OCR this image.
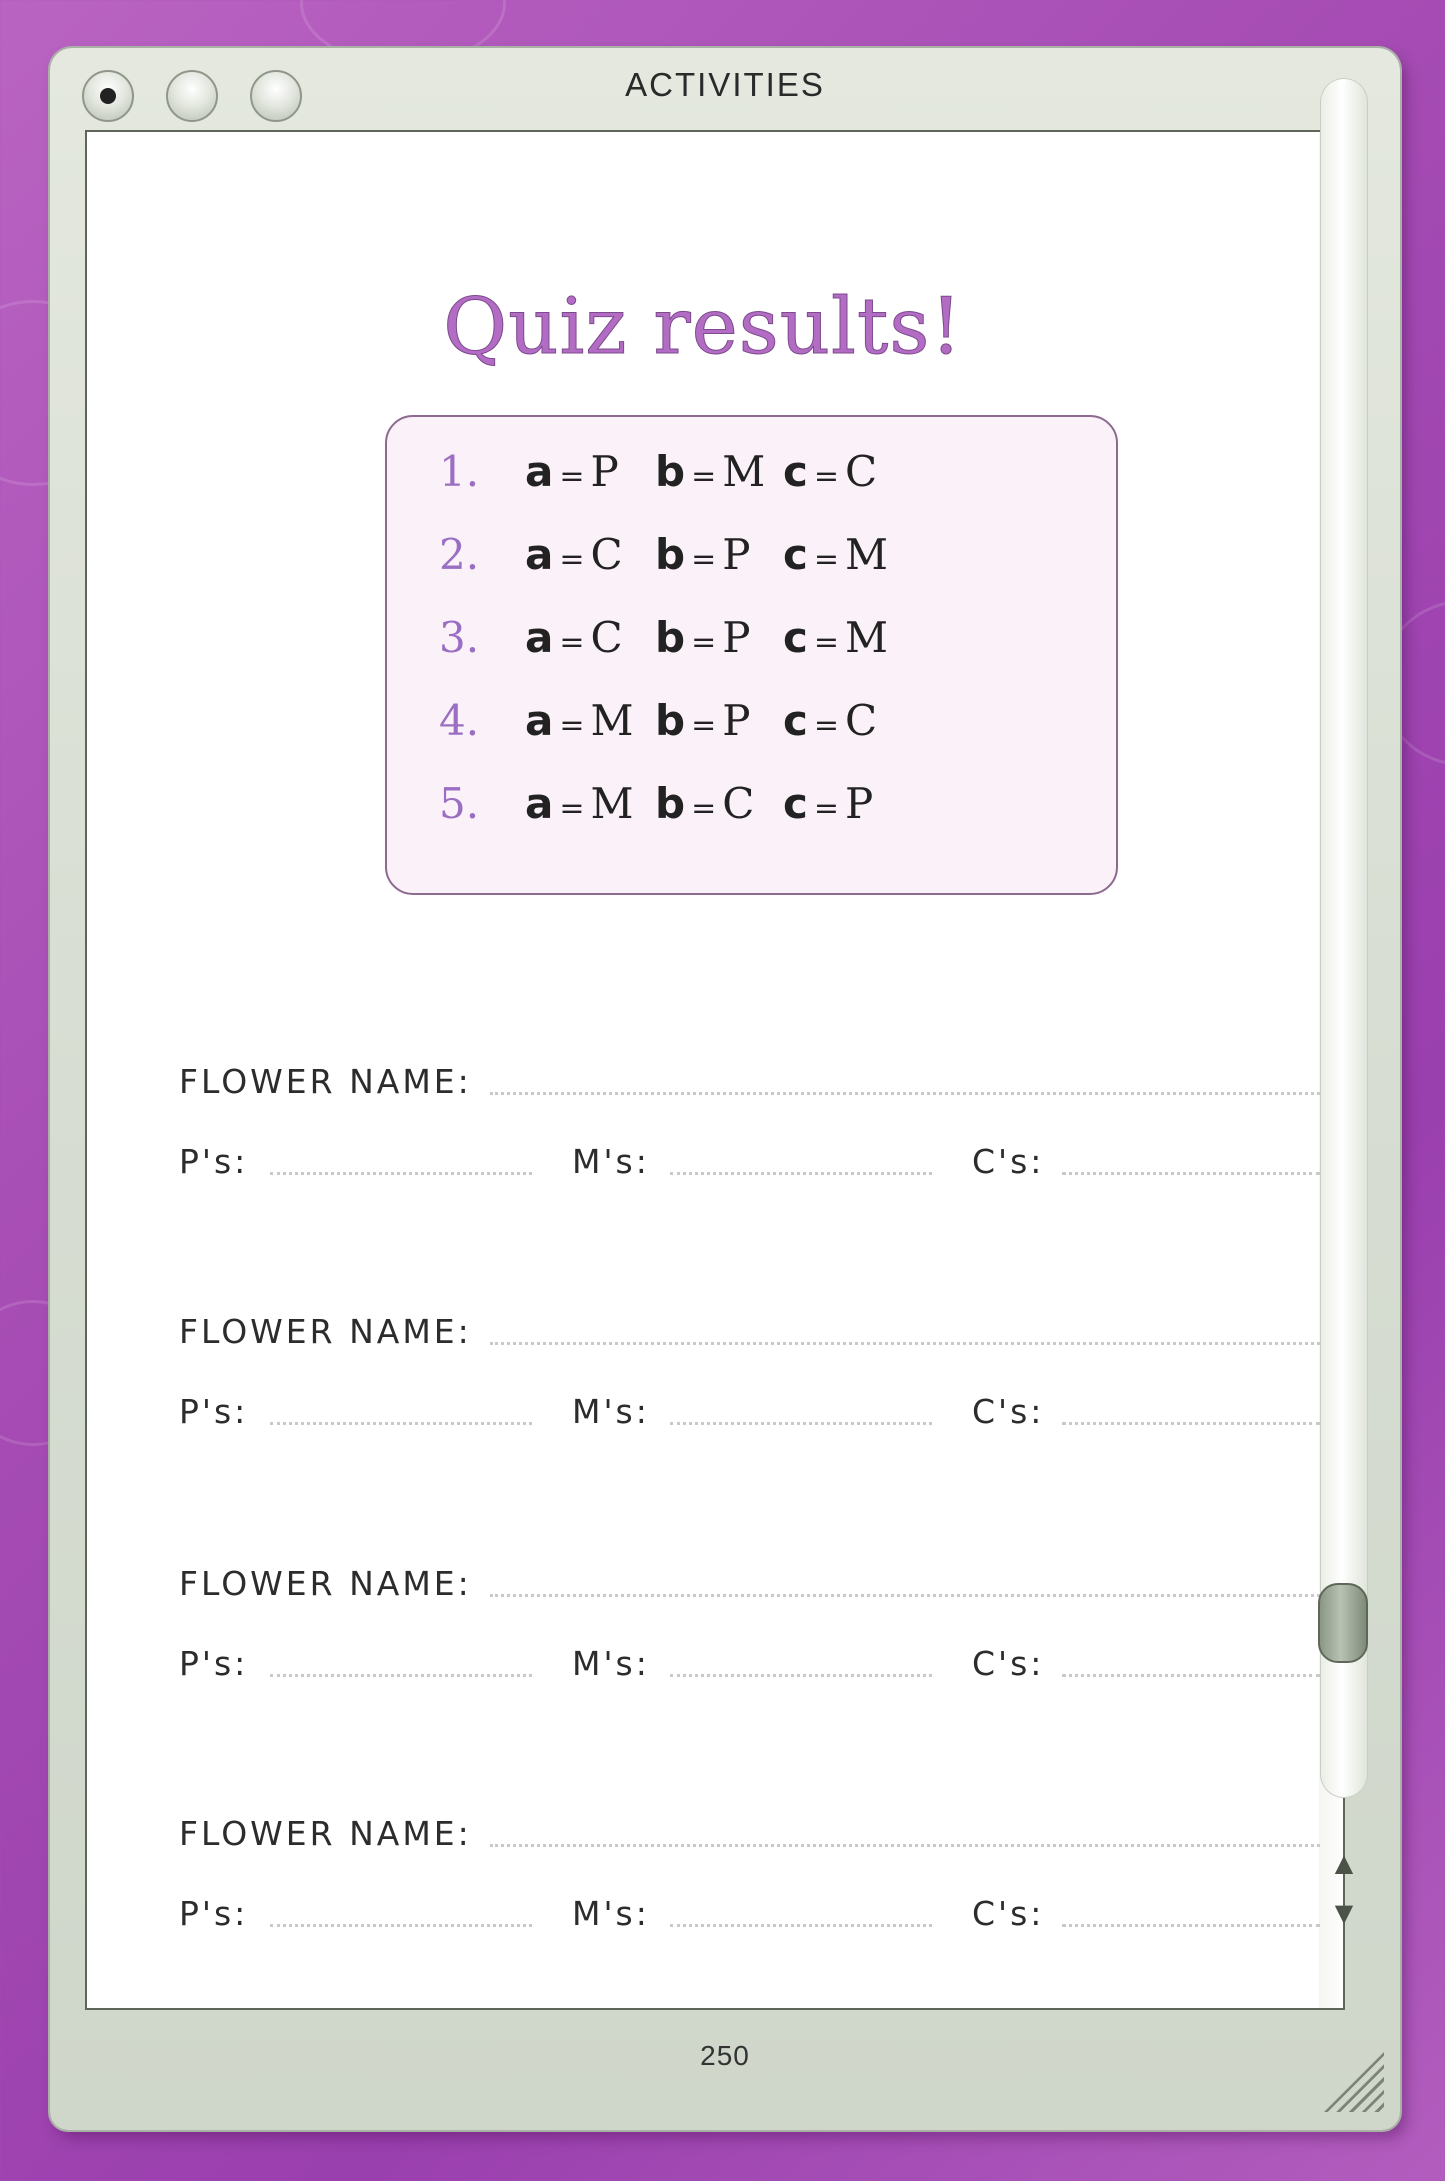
ACTIVITIES
Quiz results!
1. a = P b = M c = C
2. a = C b = P c = M
3. a = C b = P c = M
4. a = M b = P c = C
5. a = M b = C c = P
FLOWER NAME:
P's:	M's:	C's:
FLOWER NAME:
P's:	M's:	C's:
FLOWER NAME:
P's:	M's:	C's:
FLOWER NAME:
P's:	M's:	C's:
▲
▼
250
